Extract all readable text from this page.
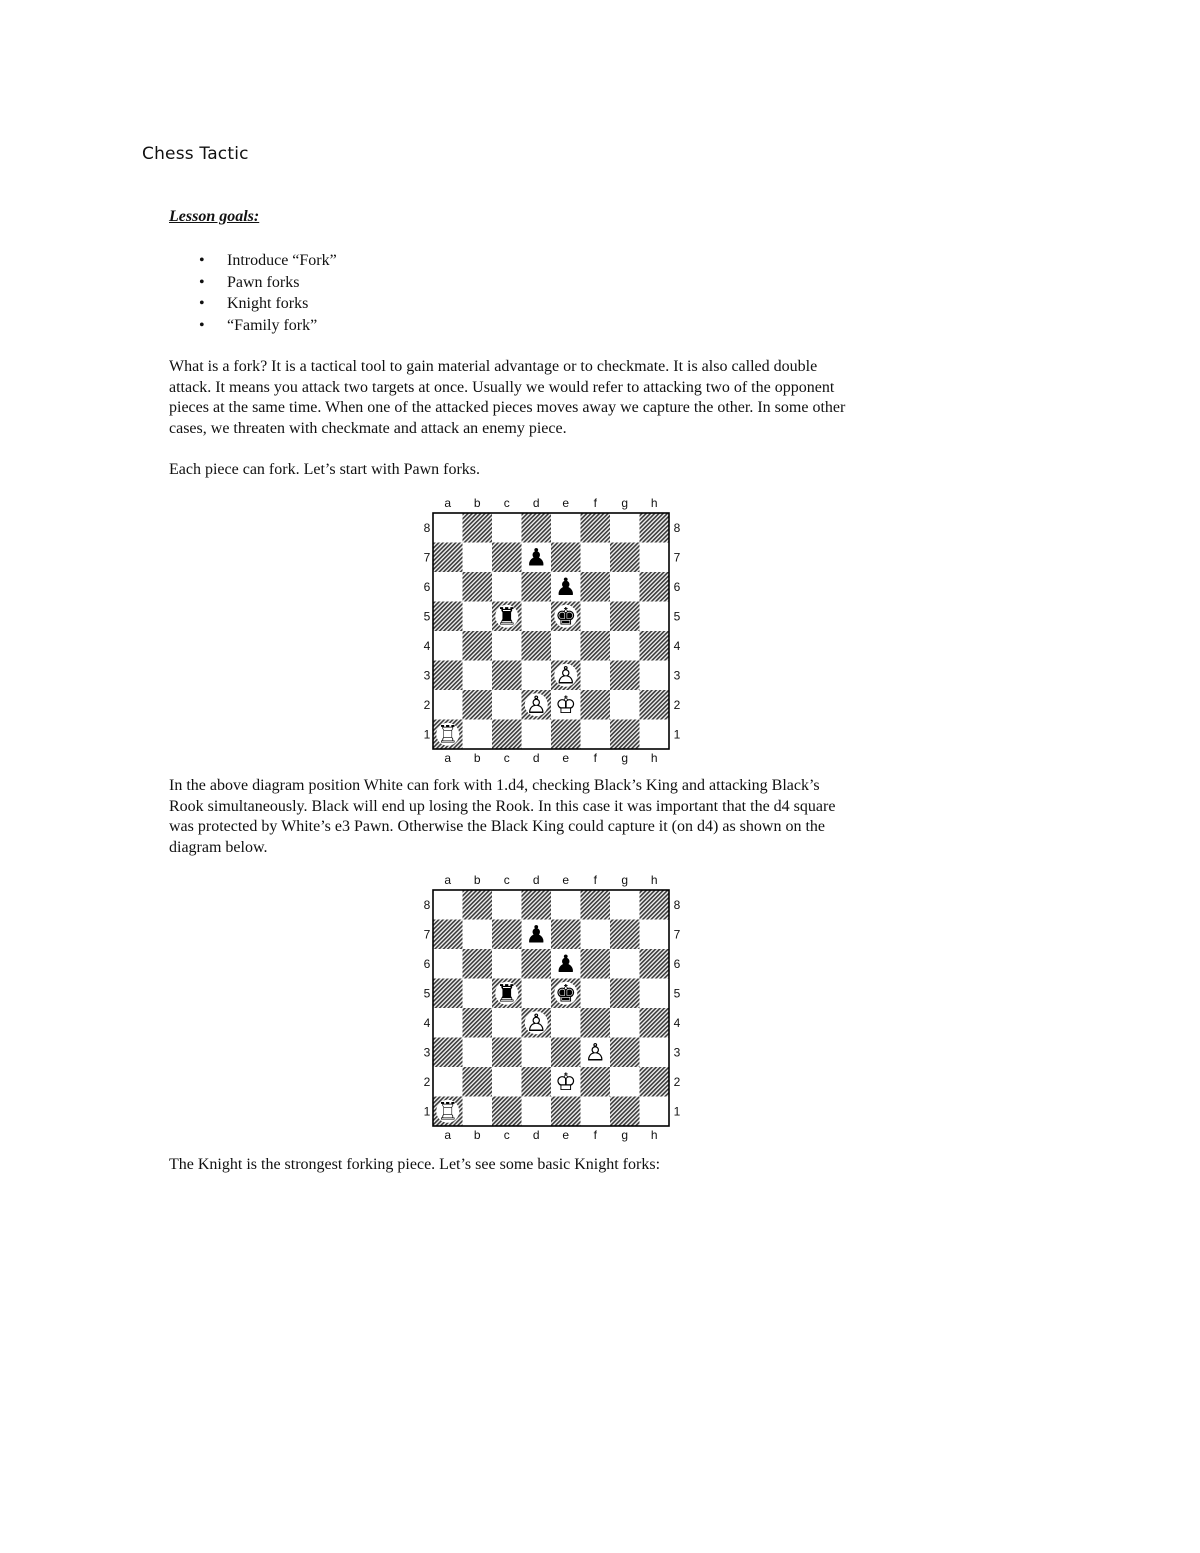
Chess Tactic
Lesson goals:
• Introduce “Fork”
• Pawn forks
• Knight forks
• “Family fork”

What is a fork? It is a tactical tool to gain material advantage or to checkmate. It is also called double
attack. It means you attack two targets at once. Usually we would refer to attacking two of the opponent
pieces at the same time. When one of the attacked pieces moves away we capture the other. In some other
cases, we threaten with checkmate and attack an enemy piece.

Each piece can fork. Let’s start with Pawn forks.

a
a
b
b
c
c
d
d
e
e
f
f
g
g
h
h
8	8
7	7
6	6
5	5
4	4
3	3
2	2
1	1
♟
♟
♜ ♚
♙
♙ ♔
♖

In the above diagram position White can fork with 1.d4, checking Black’s King and attacking Black’s
Rook simultaneously. Black will end up losing the Rook. In this case it was important that the d4 square
was protected by White’s e3 Pawn. Otherwise the Black King could capture it (on d4) as shown on the
diagram below.

a
a
b
b
c
c
d
d
e
e
f
f
g
g
h
h
8	8
7	7
6	6
5	5
4	4
3	3
2	2
1	1
♟
♟
♜ ♚
♙
♙
♔
♖

The Knight is the strongest forking piece. Let’s see some basic Knight forks:
